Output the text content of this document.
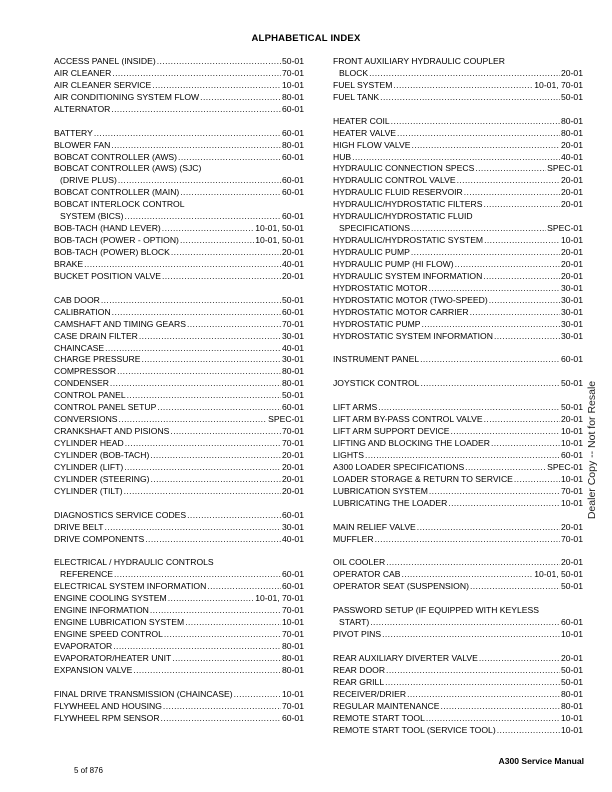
ALPHABETICAL INDEX
ACCESS PANEL (INSIDE) .....	50-01
AIR CLEANER .....	70-01
AIR CLEANER SERVICE .....	10-01
AIR CONDITIONING SYSTEM FLOW .....	80-01
ALTERNATOR .....	60-01
BATTERY .....	60-01
BLOWER FAN .....	80-01
BOBCAT CONTROLLER (AWS) .....	60-01
BOBCAT CONTROLLER (AWS) (SJC)
(DRIVE PLUS) .....	60-01
BOBCAT CONTROLLER (MAIN) .....	60-01
BOBCAT INTERLOCK CONTROL
SYSTEM (BICS) .....	60-01
BOB-TACH (HAND LEVER) .....	10-01, 50-01
BOB-TACH (POWER - OPTION) .....	10-01, 50-01
BOB-TACH (POWER) BLOCK .....	20-01
BRAKE .....	40-01
BUCKET POSITION VALVE .....	20-01
CAB DOOR .....	50-01
CALIBRATION .....	60-01
CAMSHAFT AND TIMING GEARS .....	70-01
CASE DRAIN FILTER .....	30-01
CHAINCASE .....	40-01
CHARGE PRESSURE .....	30-01
COMPRESSOR .....	80-01
CONDENSER .....	80-01
CONTROL PANEL .....	50-01
CONTROL PANEL SETUP .....	60-01
CONVERSIONS .....	SPEC-01
CRANKSHAFT AND PISIONS .....	70-01
CYLINDER HEAD .....	70-01
CYLINDER (BOB-TACH) .....	20-01
CYLINDER (LIFT) .....	20-01
CYLINDER (STEERING) .....	20-01
CYLINDER (TILT) .....	20-01
DIAGNOSTICS SERVICE CODES .....	60-01
DRIVE BELT .....	30-01
DRIVE COMPONENTS .....	40-01
ELECTRICAL / HYDRAULIC CONTROLS
REFERENCE .....	60-01
ELECTRICAL SYSTEM INFORMATION .....	60-01
ENGINE COOLING SYSTEM .....	10-01, 70-01
ENGINE INFORMATION .....	70-01
ENGINE LUBRICATION SYSTEM .....	10-01
ENGINE SPEED CONTROL .....	70-01
EVAPORATOR .....	80-01
EVAPORATOR/HEATER UNIT .....	80-01
EXPANSION VALVE .....	80-01
FINAL DRIVE TRANSMISSION (CHAINCASE) .....	10-01
FLYWHEEL AND HOUSING .....	70-01
FLYWHEEL RPM SENSOR .....	60-01
FRONT AUXILIARY HYDRAULIC COUPLER
BLOCK .....	20-01
FUEL SYSTEM .....	10-01, 70-01
FUEL TANK .....	50-01
HEATER COIL .....	80-01
HEATER VALVE .....	80-01
HIGH FLOW VALVE .....	20-01
HUB .....	40-01
HYDRAULIC CONNECTION SPECS .....	SPEC-01
HYDRAULIC CONTROL VALVE .....	20-01
HYDRAULIC FLUID RESERVOIR .....	20-01
HYDRAULIC/HYDROSTATIC FILTERS .....	20-01
HYDRAULIC/HYDROSTATIC FLUID
SPECIFICATIONS .....	SPEC-01
HYDRAULIC/HYDROSTATIC SYSTEM .....	10-01
HYDRAULIC PUMP .....	20-01
HYDRAULIC PUMP (HI FLOW) .....	20-01
HYDRAULIC SYSTEM INFORMATION .....	20-01
HYDROSTATIC MOTOR .....	30-01
HYDROSTATIC MOTOR (TWO-SPEED) .....	30-01
HYDROSTATIC MOTOR CARRIER .....	30-01
HYDROSTATIC PUMP .....	30-01
HYDROSTATIC SYSTEM INFORMATION .....	30-01
INSTRUMENT PANEL .....	60-01
JOYSTICK CONTROL .....	50-01
LIFT ARMS .....	50-01
LIFT ARM BY-PASS CONTROL VALVE .....	20-01
LIFT ARM SUPPORT DEVICE .....	10-01
LIFTING AND BLOCKING THE LOADER .....	10-01
LIGHTS .....	60-01
A300 LOADER SPECIFICATIONS .....	SPEC-01
LOADER STORAGE & RETURN TO SERVICE .....	10-01
LUBRICATION SYSTEM .....	70-01
LUBRICATING THE LOADER .....	10-01
MAIN RELIEF VALVE .....	20-01
MUFFLER .....	70-01
OIL COOLER .....	20-01
OPERATOR CAB .....	10-01, 50-01
OPERATOR SEAT (SUSPENSION) .....	50-01
PASSWORD SETUP (IF EQUIPPED WITH KEYLESS
START) .....	60-01
PIVOT PINS .....	10-01
REAR AUXILIARY DIVERTER VALVE .....	20-01
REAR DOOR .....	50-01
REAR GRILL .....	50-01
RECEIVER/DRIER .....	80-01
REGULAR MAINTENANCE .....	80-01
REMOTE START TOOL .....	10-01
REMOTE START TOOL (SERVICE TOOL) .....	10-01
Dealer Copy -- Not for Resale
5 of 876
A300 Service Manual
